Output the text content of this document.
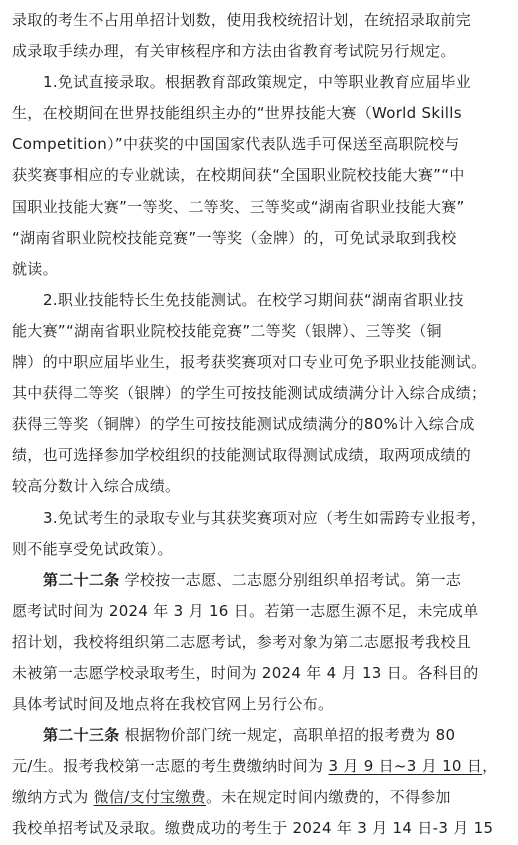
录取的考生不占用单招计划数，使用我校统招计划，在统招录取前完
成录取手续办理，有关审核程序和方法由省教育考试院另行规定。
1.免试直接录取。根据教育部政策规定，中等职业教育应届毕业
生，在校期间在世界技能组织主办的“世界技能大赛（World Skills
Competition）”中获奖的中国国家代表队选手可保送至高职院校与
获奖赛事相应的专业就读，在校期间获“全国职业院校技能大赛”“中
国职业技能大赛”一等奖、二等奖、三等奖或“湖南省职业技能大赛”
“湖南省职业院校技能竞赛”一等奖（金牌）的，可免试录取到我校
就读。
2.职业技能特长生免技能测试。在校学习期间获“湖南省职业技
能大赛”“湖南省职业院校技能竞赛”二等奖（银牌）、三等奖（铜
牌）的中职应届毕业生，报考获奖赛项对口专业可免予职业技能测试。
其中获得二等奖（银牌）的学生可按技能测试成绩满分计入综合成绩；
获得三等奖（铜牌）的学生可按技能测试成绩满分的80%计入综合成
绩，也可选择参加学校组织的技能测试取得测试成绩，取两项成绩的
较高分数计入综合成绩。
3.免试考生的录取专业与其获奖赛项对应（考生如需跨专业报考，
则不能享受免试政策）。
第二十二条 学校按一志愿、二志愿分别组织单招考试。第一志
愿考试时间为 2024 年 3 月 16 日。若第一志愿生源不足，未完成单
招计划，我校将组织第二志愿考试，参考对象为第二志愿报考我校且
未被第一志愿学校录取考生，时间为 2024 年 4 月 13 日。各科目的
具体考试时间及地点将在我校官网上另行公布。
第二十三条 根据物价部门统一规定，高职单招的报考费为 80
元/生。报考我校第一志愿的考生费缴纳时间为 3 月 9 日~3 月 10 日，
缴纳方式为 微信/支付宝缴费。未在规定时间内缴费的，不得参加
我校单招考试及录取。缴费成功的考生于 2024 年 3 月 14 日-3 月 15
